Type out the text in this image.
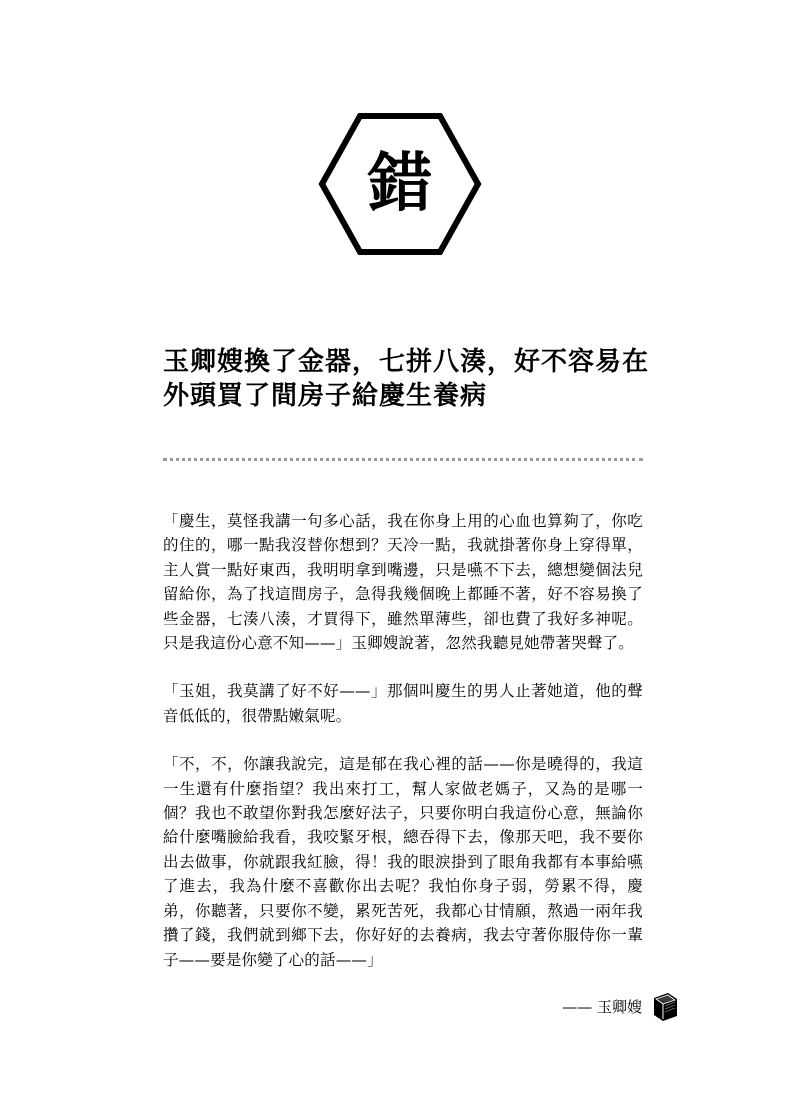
錯
玉卿嫂換了金器，七拼八湊，好不容易在
外頭買了間房子給慶生養病

「慶生，莫怪我講一句多心話，我在你身上用的心血也算夠了，你吃的住的，哪一點我沒替你想到？天冷一點，我就掛著你身上穿得單，主人賞一點好東西，我明明拿到嘴邊，只是嚥不下去，總想變個法兒留給你，為了找這間房子，急得我幾個晚上都睡不著，好不容易換了些金器，七湊八湊，才買得下，雖然單薄些，卻也費了我好多神呢。只是我這份心意不知——」玉卿嫂說著，忽然我聽見她帶著哭聲了。

「玉姐，我莫講了好不好——」那個叫慶生的男人止著她道，他的聲音低低的，很帶點嫩氣呢。

「不，不，你讓我說完，這是郁在我心裡的話——你是曉得的，我這一生還有什麼指望？我出來打工，幫人家做老媽子，又為的是哪一個？我也不敢望你對我怎麼好法子，只要你明白我這份心意，無論你給什麼嘴臉給我看，我咬緊牙根，總吞得下去，像那天吧，我不要你出去做事，你就跟我紅臉，得！我的眼淚掛到了眼角我都有本事給嚥了進去，我為什麼不喜歡你出去呢？我怕你身子弱，勞累不得，慶弟，你聽著，只要你不變，累死苦死，我都心甘情願，熬過一兩年我攢了錢，我們就到鄉下去，你好好的去養病，我去守著你服侍你一輩子——要是你變了心的話——」

—— 玉卿嫂
